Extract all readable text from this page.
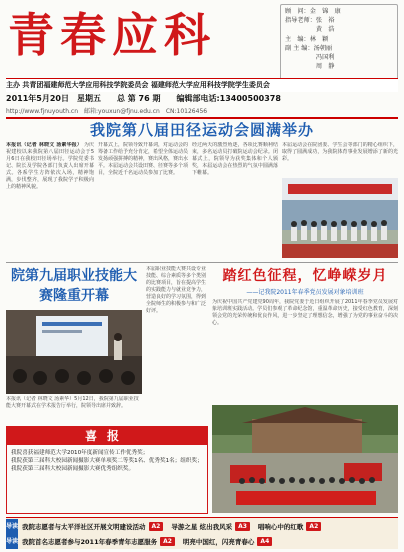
青春应科	顾　问：金　锦　康
指导老师：张　裕
　　　　　黄　浩
主　编：林　颖
副 主 编：汤朝丽
　　　　　冯国利
　　　　　周　静
主办 共青团福建师范大学应用科技学院委员会 福建师范大学应用科技学院学生委员会
2011年5月20日　星期五 总 第 76 期 编辑部电话:13400500378
http://www.fjnuyouth.cn　邮箱:youxun@fjnu.edu.cn　CN:10126456
我院第八届田径运动会圆满举办
本报讯（记者 林晓文 汤素华报） 为庆祝建校以来我院第八届田径运动会于5月6日在我校田径场举行。学院党委书记、院长及学院各部门负责人出席开幕式。各系学生方阵依次入场，精神饱满，步伐整齐，展现了我院学子积极向上的精神风貌。
开幕式上，院领导致开幕词，对运动会的筹备工作给予充分肯定，希望全体运动员发扬顽强拼搏的精神，赛出风格，赛出水平。本届运动会共设田赛、径赛等多个项目，全院近千名运动员参加了比赛。
经过两天的激烈角逐，各项比赛顺利结束，多名运动员打破院运动会纪录。闭幕式上，院领导为获奖集体和个人颁奖，本届运动会在热烈的气氛中圆满落下帷幕。
本届运动会在院团委、学生会等部门的精心组织下，取得了圆满成功，为我院体育事业发展增添了新的光彩。
院第九届职业技能大赛隆重开幕
本报讯（记者 林晓文 汤素华）5月12日，我院第九届职业技能大赛开幕式在学术报告厅举行，院领导出席并致辞。
本届职业技能大赛共设专业技能、综合素质等多个类别的比赛项目，旨在提高学生的实践能力与就业竞争力，营造良好的学习氛围，得到全院师生的积极参与和广泛好评。
踏红色征程，忆峥嵘岁月
——记我院2011年春季党员发展对象培训班
为庆祝中国共产党建党90周年，我院党委于近日组织开展了2011年春季党员发展对象培训班实践活动。学员们参观了革命纪念馆，重温革命历史，接受红色教育，深刻领会党的光荣传统和优良作风，进一步坚定了理想信念，增强了为党的事业奋斗的决心。
喜报
我院喜获福建师范大学2010年度新闻宣传工作优秀奖；
我院获第三届科大校园新闻摄影大赛单项奖二等奖1名、优秀奖1名；组织奖；
我院获第三届科大校园新闻摄影大赛优秀组织奖。
导读 我院志愿者与太平洋社区开展文明建设活动	A2	导游之星 炫出我风采	A3	唱响心中的红歌	A2
导读 我院首名志愿者参与2011年春季青年志愿服务	A2	明亮中国红，闪亮青春心	A4
